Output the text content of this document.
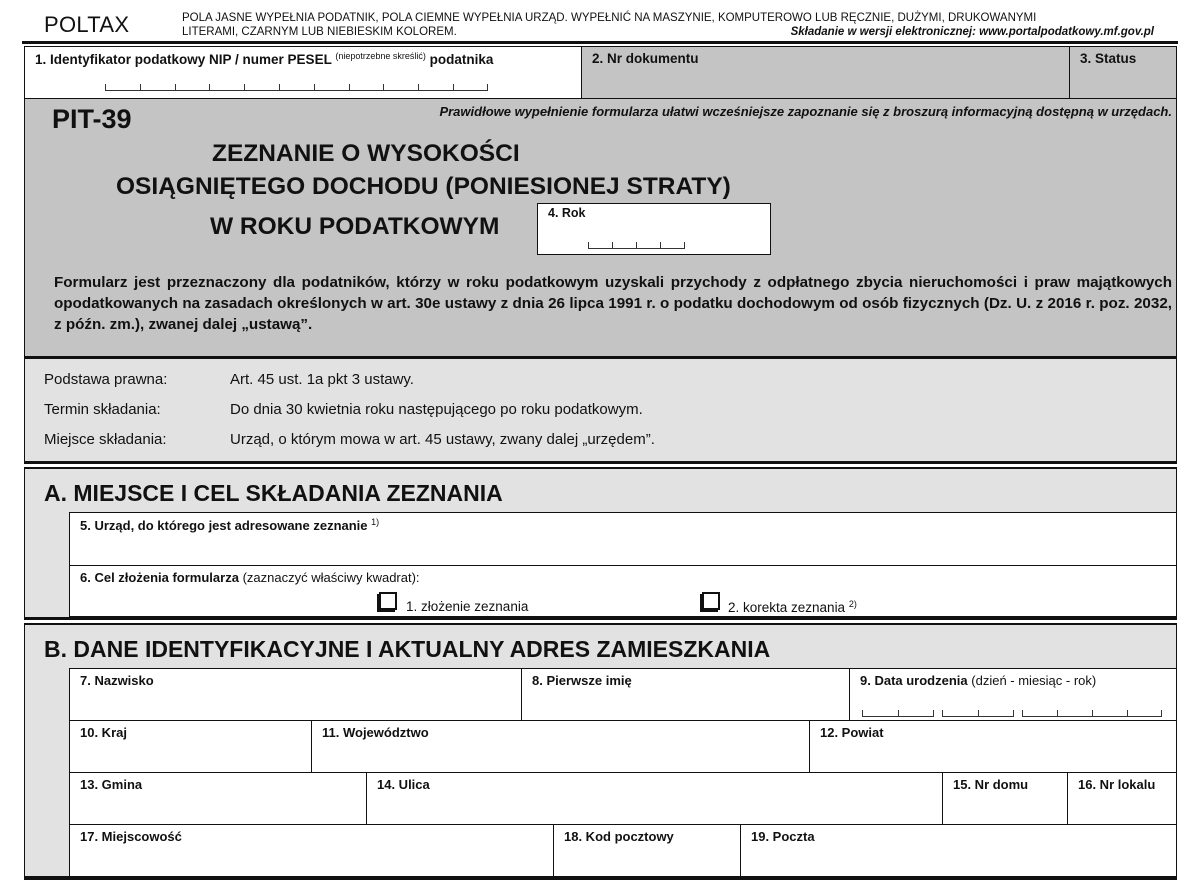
POLTAX	POLA JASNE WYPEŁNIA PODATNIK, POLA CIEMNE WYPEŁNIA URZĄD. WYPEŁNIĆ NA MASZYNIE, KOMPUTEROWO LUB RĘCZNIE, DUŻYMI, DRUKOWANYMI
LITERAMI, CZARNYM LUB NIEBIESKIM KOLOREM.	Składanie w wersji elektronicznej: www.portalpodatkowy.mf.gov.pl
1. Identyfikator podatkowy NIP / numer PESEL $^{(niepotrzebne skreślić)}$ podatnika	2. Nr dokumentu	3. Status
PIT-39	Prawidłowe wypełnienie formularza ułatwi wcześniejsze zapoznanie się z broszurą informacyjną dostępną w urzędach.
ZEZNANIE O WYSOKOŚCI
OSIĄGNIĘTEGO DOCHODU (PONIESIONEJ STRATY)
W ROKU PODATKOWYM	4. Rok
Formularz jest przeznaczony dla podatników, którzy w roku podatkowym uzyskali przychody z odpłatnego zbycia nieruchomości i praw majątkowych opodatkowanych na zasadach określonych w art. 30e ustawy z dnia 26 lipca 1991 r. o podatku dochodowym od osób fizycznych (Dz. U. z 2016 r. poz. 2032, z późn. zm.), zwanej dalej „ustawą”.
Podstawa prawna:	Art. 45 ust. 1a pkt 3 ustawy.
Termin składania:	Do dnia 30 kwietnia roku następującego po roku podatkowym.
Miejsce składania:	Urząd, o którym mowa w art. 45 ustawy, zwany dalej „urzędem”.
A. MIEJSCE I CEL SKŁADANIA ZEZNANIA
5. Urząd, do którego jest adresowane zeznanie $^{1)}$
6. Cel złożenia formularza (zaznaczyć właściwy kwadrat):
1. złożenie zeznania	2. korekta zeznania $^{2)}$
B. DANE IDENTYFIKACYJNE I AKTUALNY ADRES ZAMIESZKANIA
7. Nazwisko	8. Pierwsze imię	9. Data urodzenia (dzień - miesiąc - rok)
10. Kraj	11. Województwo	12. Powiat
13. Gmina	14. Ulica	15. Nr domu	16. Nr lokalu
17. Miejscowość	18. Kod pocztowy	19. Poczta
